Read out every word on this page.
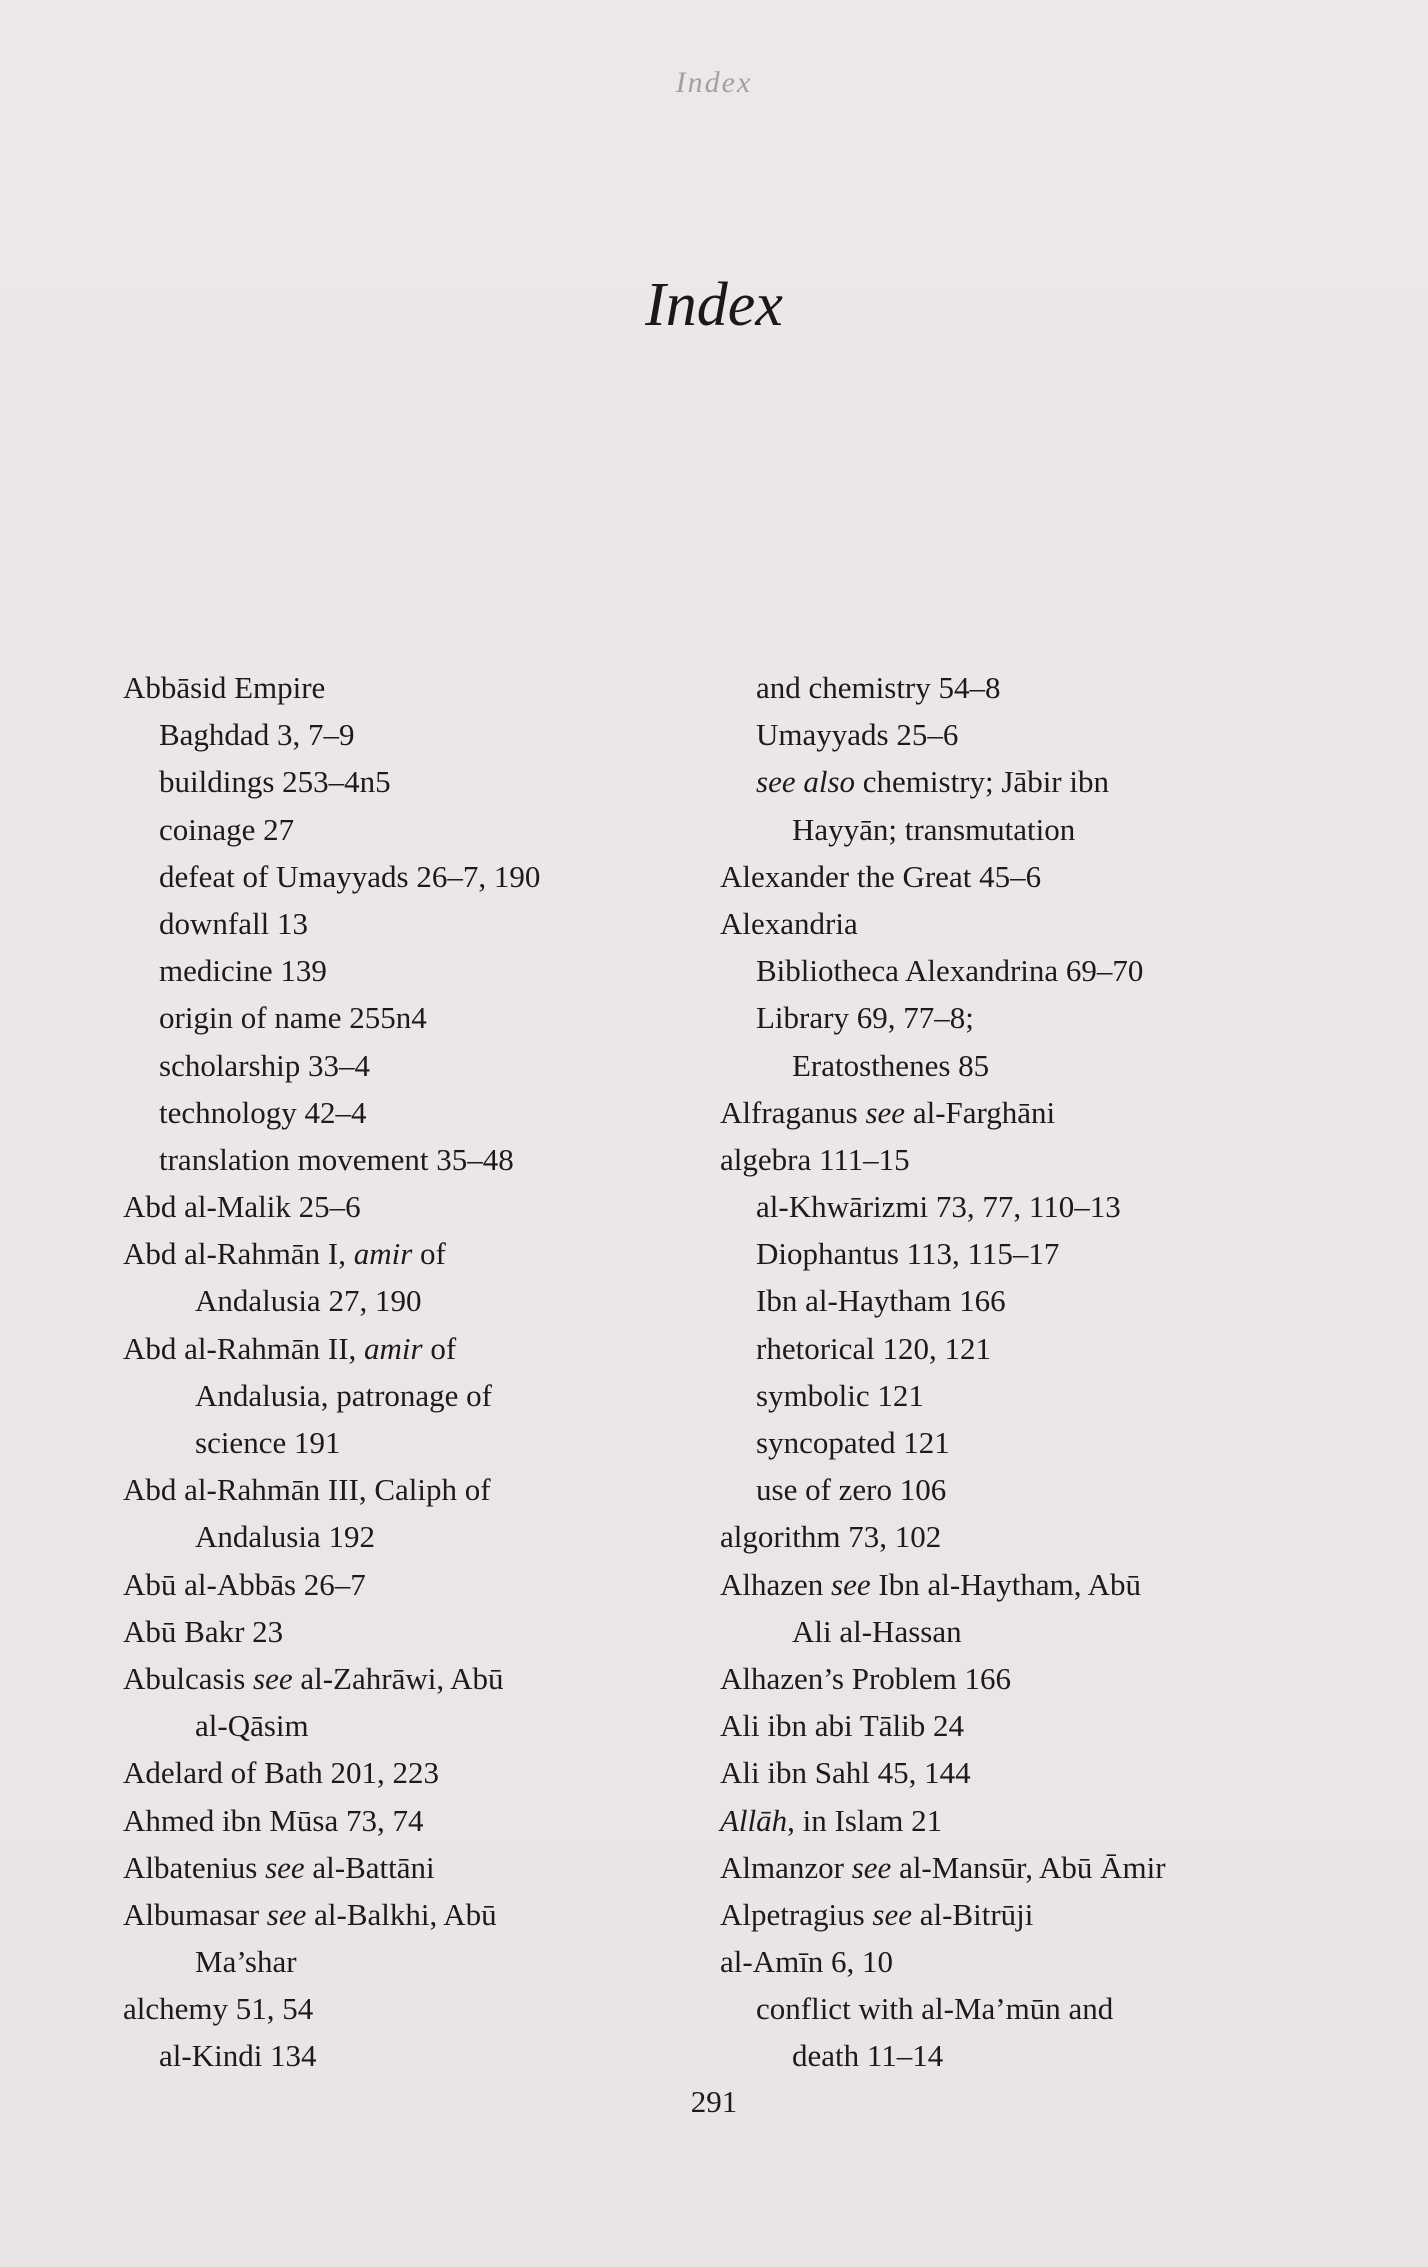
Index
Index
Abbāsid Empire
Baghdad 3, 7–9
buildings 253–4n5
coinage 27
defeat of Umayyads 26–7, 190
downfall 13
medicine 139
origin of name 255n4
scholarship 33–4
technology 42–4
translation movement 35–48
Abd al-Malik 25–6
Abd al-Rahmān I, amir of
Andalusia 27, 190
Abd al-Rahmān II, amir of
Andalusia, patronage of
science 191
Abd al-Rahmān III, Caliph of
Andalusia 192
Abū al-Abbās 26–7
Abū Bakr 23
Abulcasis see al-Zahrāwi, Abū
al-Qāsim
Adelard of Bath 201, 223
Ahmed ibn Mūsa 73, 74
Albatenius see al-Battāni
Albumasar see al-Balkhi, Abū
Ma’shar
alchemy 51, 54
al-Kindi 134
and chemistry 54–8
Umayyads 25–6
see also chemistry; Jābir ibn
Hayyān; transmutation
Alexander the Great 45–6
Alexandria
Bibliotheca Alexandrina 69–70
Library 69, 77–8;
Eratosthenes 85
Alfraganus see al-Farghāni
algebra 111–15
al-Khwārizmi 73, 77, 110–13
Diophantus 113, 115–17
Ibn al-Haytham 166
rhetorical 120, 121
symbolic 121
syncopated 121
use of zero 106
algorithm 73, 102
Alhazen see Ibn al-Haytham, Abū
Ali al-Hassan
Alhazen’s Problem 166
Ali ibn abi Tālib 24
Ali ibn Sahl 45, 144
Allāh, in Islam 21
Almanzor see al-Mansūr, Abū Āmir
Alpetragius see al-Bitrūji
al-Amīn 6, 10
conflict with al-Ma’mūn and
death 11–14
291
